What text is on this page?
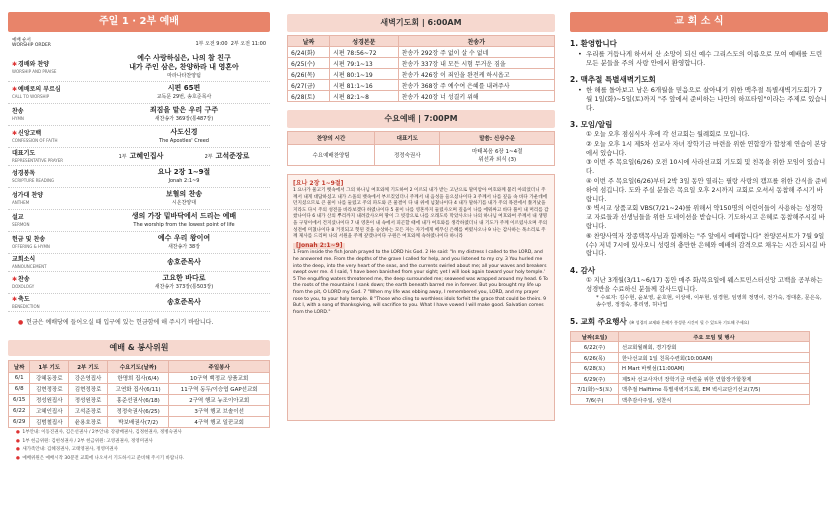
주일 1 · 2부 예배
예배 순서
WORSHIP ORDER	1부 오전 9:00 2부 오전 11:00
✱경배와 찬양
WORSHIP AND PRAISE
예수 사랑하심은, 나의 참 친구
내가 주인 삼은, 찬양하라 내 영혼아
마라나타찬양팀
✱예배로의 부르심
CALL TO WORSHIP
시편 65편
교독문 29번, 송호준목사
찬송
HYMN
죄짐을 맡은 우리 구주
새찬송가 369장(통487장)
✱신앙고백
CONFESSION OF FAITH
사도신경
The Apostles' Creed
대표기도
REPRESENTATIVE PRAYER
1부 고혜인집사	2부 고석준장로
성경봉독
SCRIPTURE READING
요나 2장 1~9절
Jonah 2:1~9
성가대 찬양
ANTHEM
보혈의 찬송
시온찬양대
설교
SERMON
생의 가장 밑바닥에서 드리는 예배
The worship from the lowest point of life
헌금 및 찬송
OFFERING & HYMN
예수 우리 왕이여
새찬송가 38장
교회소식
ANNOUNCEMENT	송호준목사
✱찬송
DOXOLOGY
고요한 바다로
새찬송가 373장(통503장)
✱축도
BENEDICTION	송호준목사
● 헌금은 예배당에 들어오실 때 입구에 있는 헌금함에 해 주시기 바랍니다.
예배 & 봉사위원
날짜	1부 기도	2부 기도	수요기도(날짜)	주일봉사
6/1	강혜동장로	강은영집사	한명희 집사(6/4)	10구역 백정교 상품교회
6/8	김현정장로	김현정장로	고연화 집사(6/11)	11구역 동두/이승엽 GAP선교회
6/15	정성원집사	정성원장로	홍준선권사(6/18)	2구역 행교 뉴조이아교회
6/22	고혜인집사	고석준장로	정정숙권사(6/25)	3구역 행교 브솔이선
6/29	김범철집사	윤용호장로	박보배권사(7/2)	4구역 행교 일꾼교회
● 1부안내: 이동진권사, 김은선권사 / 2부안내: 강광배권사, 김정현권사, 정병숙권사
● 1부 헌금위원: 김현성권사 / 2부 헌금위원: 고영권권사, 정영미권사
● 새가족안내: 김혜경권사, 고태영권사, 정영미권사
● 예배위원은 예배시작 30분전 교회에 나오셔서 기도하시고 준비해 주시기 바랍니다.
새벽기도회 | 6:00AM
날짜	성경본문	찬송가
6/24(화)	시편 78:56~72	찬송가 292장 주 없이 살 수 없네
6/25(수)	시편 79:1~13	찬송가 337장 내 모든 시험 무거운 짐을
6/26(목)	시편 80:1~19	찬송가 426장 이 죄인을 완전케 하시옵고
6/27(금)	시편 81:1~16	찬송가 368장 주 예수여 은혜를 내려주사
6/28(토)	시편 82:1~8	찬송가 420장 너 성결키 위해
수요예배 | 7:00PM
찬양의 시간	대표기도	말씀: 신상수운
수요예배찬양팀	정정숙권사	마태복음 6장 1~4절
위선과 외식 (3)
[요나 2장 1~9절]
1 요나가 물고기 뱃속에서 그의 하나님 여호와께 기도하여 2 이르되 내가 받는 고난으로 말미암아 여호와께 불러 아뢰었더니 주께서 내게 대답하셨고 내가 스올의 뱃속에서 부르짖었더니 주께서 내 음성을 들으셨나이다 3 주께서 나를 깊음 속 바다 가운데에 던지셨으므로 큰 물이 나를 둘렀고 주의 파도와 큰 물결이 다 내 위에 넘쳤나이다 4 내가 말하기를 내가 주의 목전에서 쫓겨났을지라도 다시 주의 성전을 바라보겠다 하였나이다 5 물이 나를 영혼까지 둘렀사오며 깊음이 나를 에워싸고 바다 풀이 내 머리를 감쌌나이다 6 내가 산의 뿌리까지 내려갔사오며 땅이 그 빗장으로 나를 오래도록 막았사오나 나의 하나님 여호와여 주께서 내 생명을 구덩이에서 건지셨나이다 7 내 영혼이 내 속에서 피곤할 때에 내가 여호와를 생각하였더니 내 기도가 주께 이르렀사오며 주의 성전에 미쳤나이다 8 거짓되고 헛된 것을 숭상하는 모든 자는 자기에게 베푸신 은혜를 버렸사오나 9 나는 감사하는 목소리로 주께 제사를 드리며 나의 서원을 주께 갚겠나이다 구원은 여호와께 속하였나이다 하니라
[Jonah 2:1~9]
1 From inside the fish Jonah prayed to the LORD his God. 2 He said: "In my distress I called to the LORD, and he answered me. From the depths of the grave I called for help, and you listened to my cry. 3 You hurled me into the deep, into the very heart of the seas, and the currents swirled about me; all your waves and breakers swept over me. 4 I said, 'I have been banished from your sight; yet I will look again toward your holy temple.' 5 The engulfing waters threatened me, the deep surrounded me; seaweed was wrapped around my head. 6 To the roots of the mountains I sank down; the earth beneath barred me in forever. But you brought my life up from the pit, O LORD my God. 7 "When my life was ebbing away, I remembered you, LORD, and my prayer rose to you, to your holy temple. 8 "Those who cling to worthless idols forfeit the grace that could be theirs. 9 But I, with a song of thanksgiving, will sacrifice to you. What I have vowed I will make good. Salvation comes from the LORD."
교 회 소 식
1. 환영합니다
• 우리를 거듭나게 하셔서 산 소망이 되신 예수 그리스도의 이름으로 모여 예배를 드린 모든 분들을 주의 사랑 안에서 환영합니다.
2. 맥추절 특별새벽기도회
• 한 해를 돌아보고 남은 6개월을 믿음으로 살아내기 위한 맥추절 특별새벽기도회가 7월 1일(화)~5일(토)까지 "주 앞에서 준비하는 나만의 하프타임"이라는 주제로 있습니다.
3. 모임/알림
① 오늘 오후 점심식사 후에 각 선교회는 월례회로 모입니다.
② 오늘 오후 1시 제5차 선교사 자녀 장학기금 마련을 위한 연합장가 합창제 연습이 본당에서 있습니다.
③ 이번 주 목요일(6/26) 오전 10시에 사라선교회 기도회 및 친목을 위한 모임이 있습니다.
④ 이번 주 목요일(6/26)부터 2박 3일 동안 열리는 필랑 사랑의 캠프를 위한 간식을 준비하여 섬깁니다. 도와 주실 분들은 목요일 오후 2시까지 교회로 오셔서 동참해 주시기 바랍니다.
⑤ 벽시교 상품교회 VBS(7/21~24)를 위해서 약150명의 어린이들이 사용하는 성경학교 자료들과 선생님들을 위한 도네이션을 받습니다. 기도하시고 은혜로 동참해주시길 바랍니다.
⑥ 찬양사역자 장종택목사님과 함께하는 "주 앞에서 예배합니다" 찬양콘서트가 7월 9일(수) 저녁 7시에 있사오니 성령의 충만한 은혜와 예배의 감격으로 채우는 시간 되시길 바랍니다.
4. 감사
① 지난 3개월(3/11~6/17) 동안 매주 화/목요일에 웨스트민스터신앙 고백을 공부하는 성경반을 수료하신 분들께 감사드립니다.
* 수료자: 김수현, 윤보영, 윤호현, 이상애, 이두현, 임경현, 임영희 정명이, 전가숙, 정대훈, 문은옥, 송수영, 정정숙, 홍리영, 허나업
5. 교회 주요행사 (※ 성경의 교제와 은혜가 풍성한 시간이 될 수 있도록 기도해 주세요)
날짜(요일)	주요 모임 및 행사
6/22(주)	선교회월례회, 경기장회
6/26(목)	한나선교회 1일 친목수련회(10:00AM)
6/28(토)	H Mart 바벳섬(11:00AM)
6/29(주)	제5차 선교사자녀 장학기금 마련을 위한 연합장가합창제
7/1(화)~5(토)	맥추절 Halftime 특별새벽기도회, EM 벽시교단기선교(7/5)
7/6(주)	맥추감사주일, 성찬식
